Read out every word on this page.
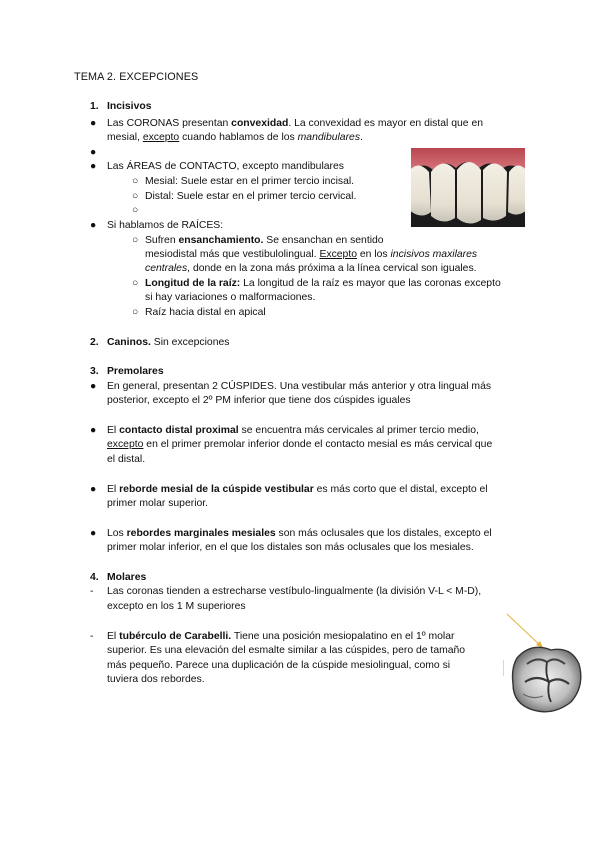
TEMA 2. EXCEPCIONES
1. Incisivos
● Las CORONAS presentan convexidad. La convexidad es mayor en distal que en
mesial, excepto cuando hablamos de los mandibulares.
●
● Las ÁREAS de CONTACTO, excepto mandibulares
○ Mesial: Suele estar en el primer tercio incisal.
○ Distal: Suele estar en el primer tercio cervical.
○
● Si hablamos de RAÍCES:
○ Sufren ensanchamiento. Se ensanchan en sentido
mesiodistal más que vestibulolingual. Excepto en los incisivos maxilares
centrales, donde en la zona más próxima a la línea cervical son iguales.
○ Longitud de la raíz: La longitud de la raíz es mayor que las coronas excepto
si hay variaciones o malformaciones.
○ Raíz hacia distal en apical
2. Caninos. Sin excepciones
3. Premolares
● En general, presentan 2 CÚSPIDES. Una vestibular más anterior y otra lingual más
posterior, excepto el 2º PM inferior que tiene dos cúspides iguales
● El contacto distal proximal se encuentra más cervicales al primer tercio medio,
excepto en el primer premolar inferior donde el contacto mesial es más cervical que
el distal.
● El reborde mesial de la cúspide vestibular es más corto que el distal, excepto el
primer molar superior.
● Los rebordes marginales mesiales son más oclusales que los distales, excepto el
primer molar inferior, en el que los distales son más oclusales que los mesiales.
4. Molares
- Las coronas tienden a estrecharse vestíbulo-lingualmente (la división V-L < M-D),
excepto en los 1 M superiores
- El tubérculo de Carabelli. Tiene una posición mesiopalatino en el 1º molar
superior. Es una elevación del esmalte similar a las cúspides, pero de tamaño
más pequeño. Parece una duplicación de la cúspide mesiolingual, como si
tuviera dos rebordes.
